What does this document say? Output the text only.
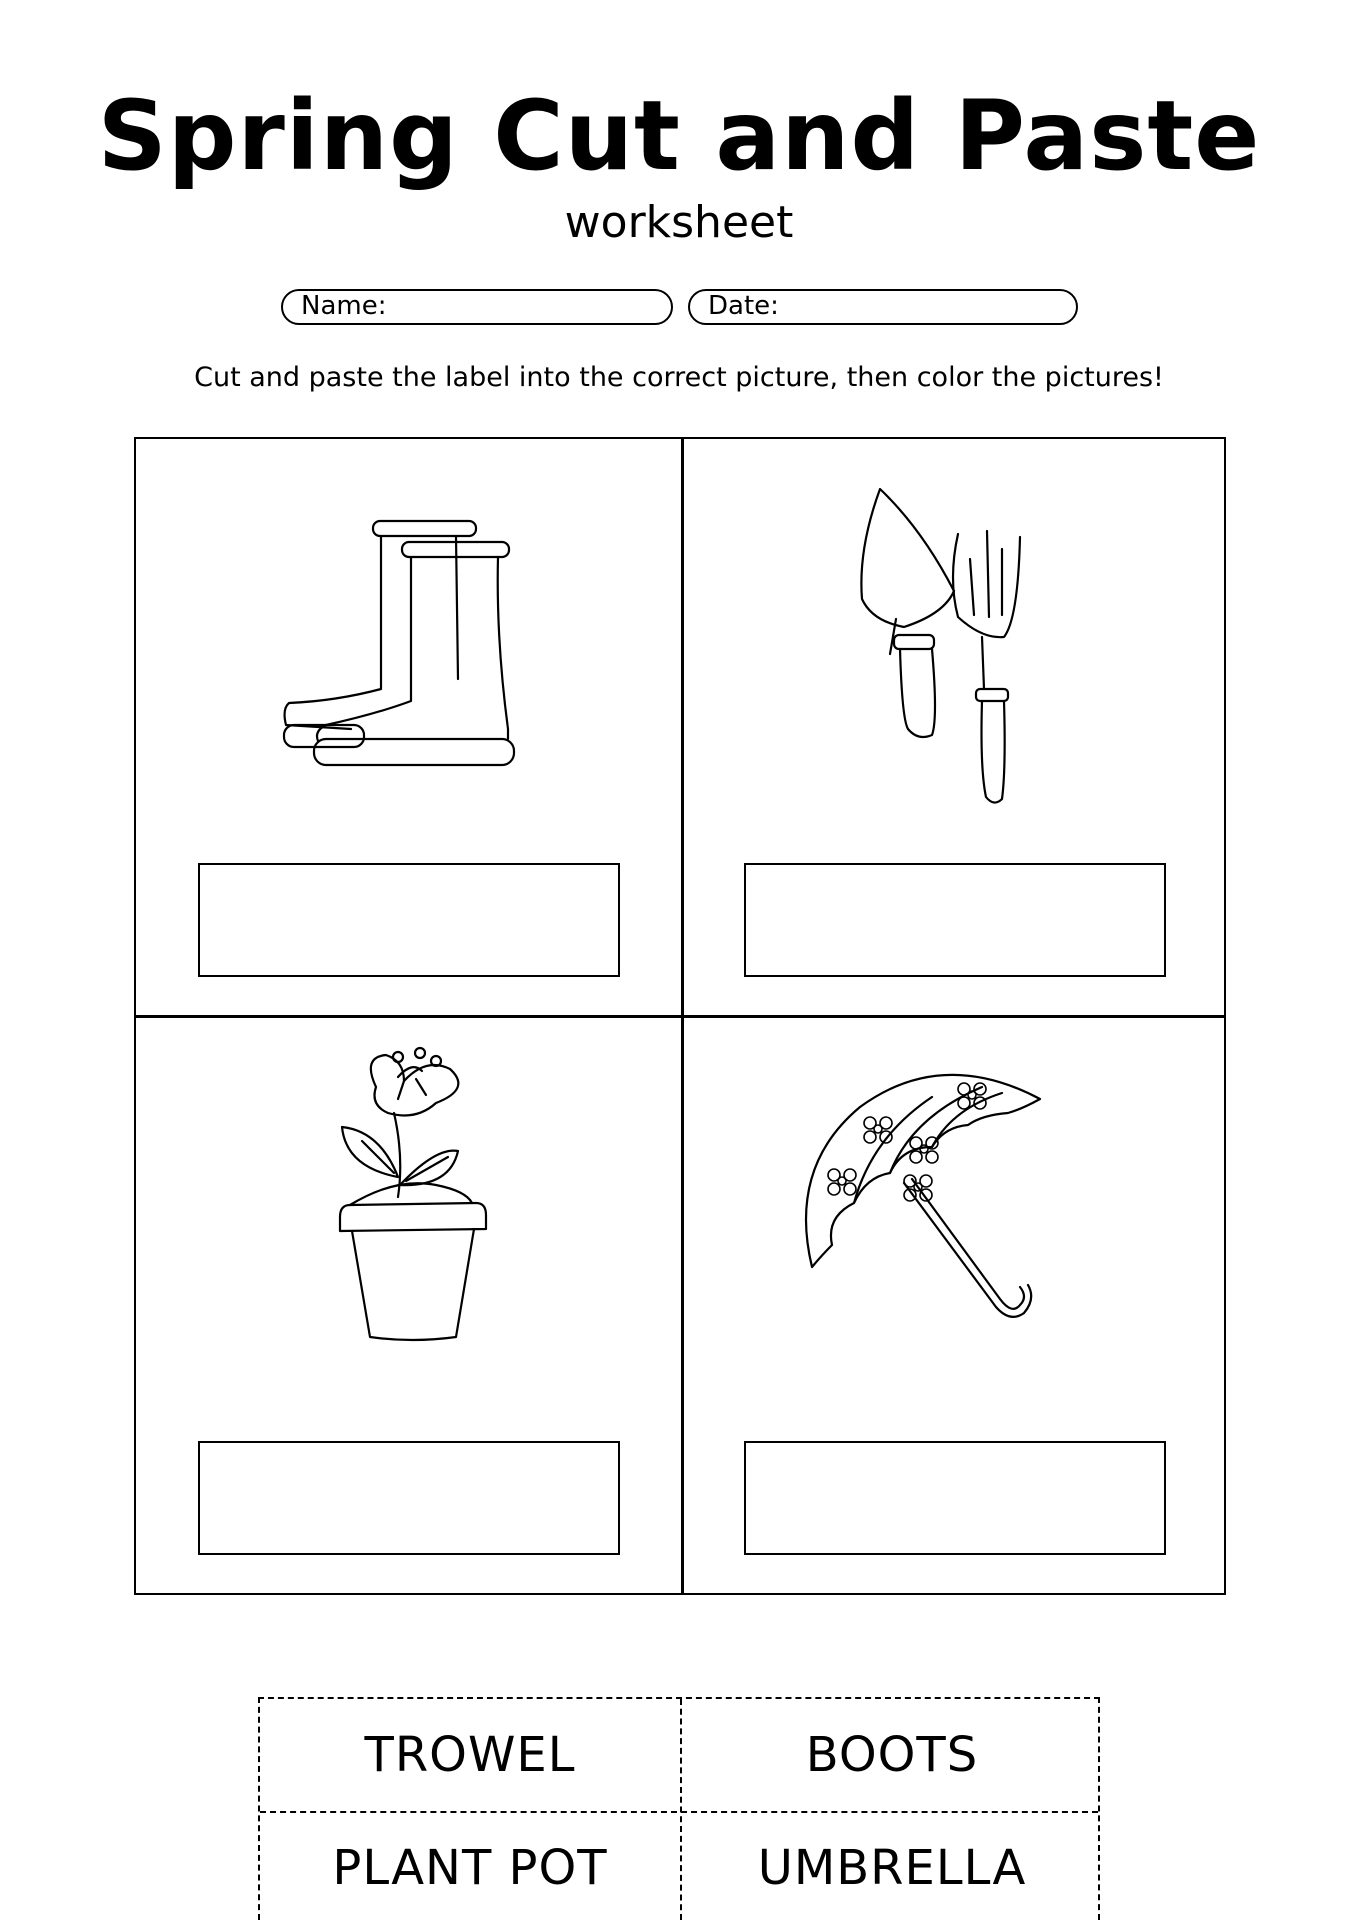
Spring Cut and Paste
worksheet
Name:	Date:
Cut and paste the label into the correct picture, then color the pictures!
TROWEL	BOOTS
PLANT POT	UMBRELLA
